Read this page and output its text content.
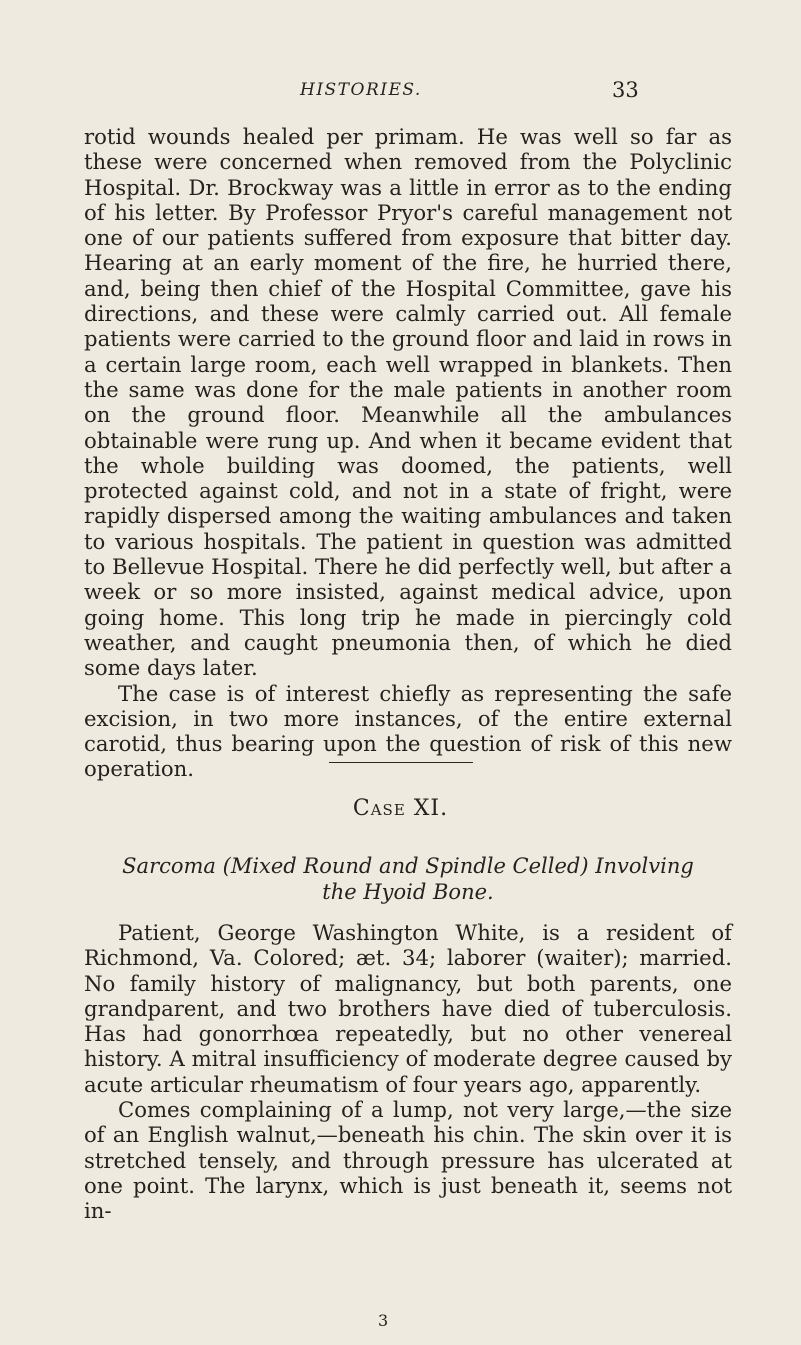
HISTORIES.	33

rotid wounds healed per primam. He was well so far as these were concerned when removed from the Polyclinic Hospital. Dr. Brockway was a little in error as to the ending of his letter. By Professor Pryor's careful management not one of our patients suffered from exposure that bitter day. Hearing at an early moment of the fire, he hurried there, and, being then chief of the Hospital Committee, gave his directions, and these were calmly carried out. All female patients were carried to the ground floor and laid in rows in a certain large room, each well wrapped in blankets. Then the same was done for the male patients in another room on the ground floor. Meanwhile all the ambulances obtainable were rung up. And when it became evident that the whole building was doomed, the patients, well protected against cold, and not in a state of fright, were rapidly dispersed among the waiting ambulances and taken to various hospitals. The patient in question was admitted to Bellevue Hospital. There he did perfectly well, but after a week or so more insisted, against medical advice, upon going home. This long trip he made in piercingly cold weather, and caught pneumonia then, of which he died some days later.

The case is of interest chiefly as representing the safe excision, in two more instances, of the entire external carotid, thus bearing upon the question of risk of this new operation.

Case XI.
Sarcoma (Mixed Round and Spindle Celled) Involving
the Hyoid Bone.

Patient, George Washington White, is a resident of Richmond, Va. Colored; æt. 34; laborer (waiter); married. No family history of malignancy, but both parents, one grandparent, and two brothers have died of tuberculosis. Has had gonorrhœa repeatedly, but no other venereal history. A mitral insufficiency of moderate degree caused by acute articular rheumatism of four years ago, apparently.

Comes complaining of a lump, not very large,—the size of an English walnut,—beneath his chin. The skin over it is stretched tensely, and through pressure has ulcerated at one point. The larynx, which is just beneath it, seems not in-

3
